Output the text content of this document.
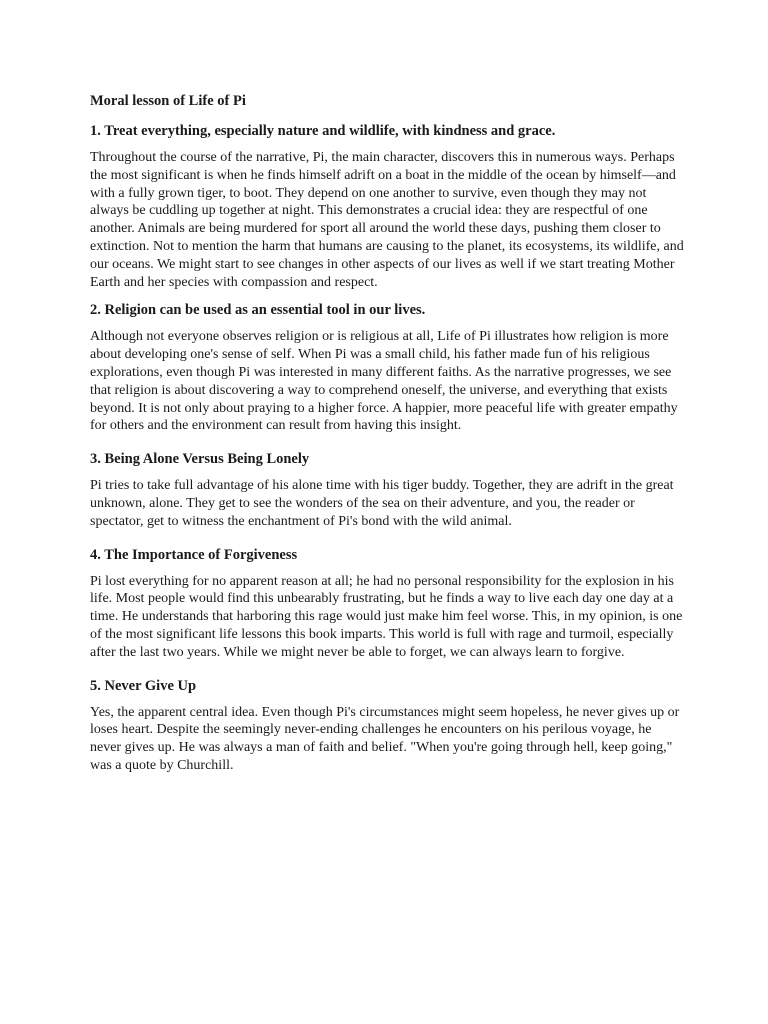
Moral lesson of Life of Pi
1. Treat everything, especially nature and wildlife, with kindness and grace.
Throughout the course of the narrative, Pi, the main character, discovers this in numerous ways. Perhaps the most significant is when he finds himself adrift on a boat in the middle of the ocean by himself—and with a fully grown tiger, to boot. They depend on one another to survive, even though they may not always be cuddling up together at night. This demonstrates a crucial idea: they are respectful of one another. Animals are being murdered for sport all around the world these days, pushing them closer to extinction. Not to mention the harm that humans are causing to the planet, its ecosystems, its wildlife, and our oceans. We might start to see changes in other aspects of our lives as well if we start treating Mother Earth and her species with compassion and respect.
2. Religion can be used as an essential tool in our lives.
Although not everyone observes religion or is religious at all, Life of Pi illustrates how religion is more about developing one's sense of self. When Pi was a small child, his father made fun of his religious explorations, even though Pi was interested in many different faiths. As the narrative progresses, we see that religion is about discovering a way to comprehend oneself, the universe, and everything that exists beyond. It is not only about praying to a higher force. A happier, more peaceful life with greater empathy for others and the environment can result from having this insight.
3. Being Alone Versus Being Lonely
Pi tries to take full advantage of his alone time with his tiger buddy. Together, they are adrift in the great unknown, alone. They get to see the wonders of the sea on their adventure, and you, the reader or spectator, get to witness the enchantment of Pi's bond with the wild animal.
4. The Importance of Forgiveness
Pi lost everything for no apparent reason at all; he had no personal responsibility for the explosion in his life. Most people would find this unbearably frustrating, but he finds a way to live each day one day at a time. He understands that harboring this rage would just make him feel worse. This, in my opinion, is one of the most significant life lessons this book imparts. This world is full with rage and turmoil, especially after the last two years. While we might never be able to forget, we can always learn to forgive.
5. Never Give Up
Yes, the apparent central idea. Even though Pi's circumstances might seem hopeless, he never gives up or loses heart. Despite the seemingly never-ending challenges he encounters on his perilous voyage, he never gives up. He was always a man of faith and belief. "When you're going through hell, keep going," was a quote by Churchill.
